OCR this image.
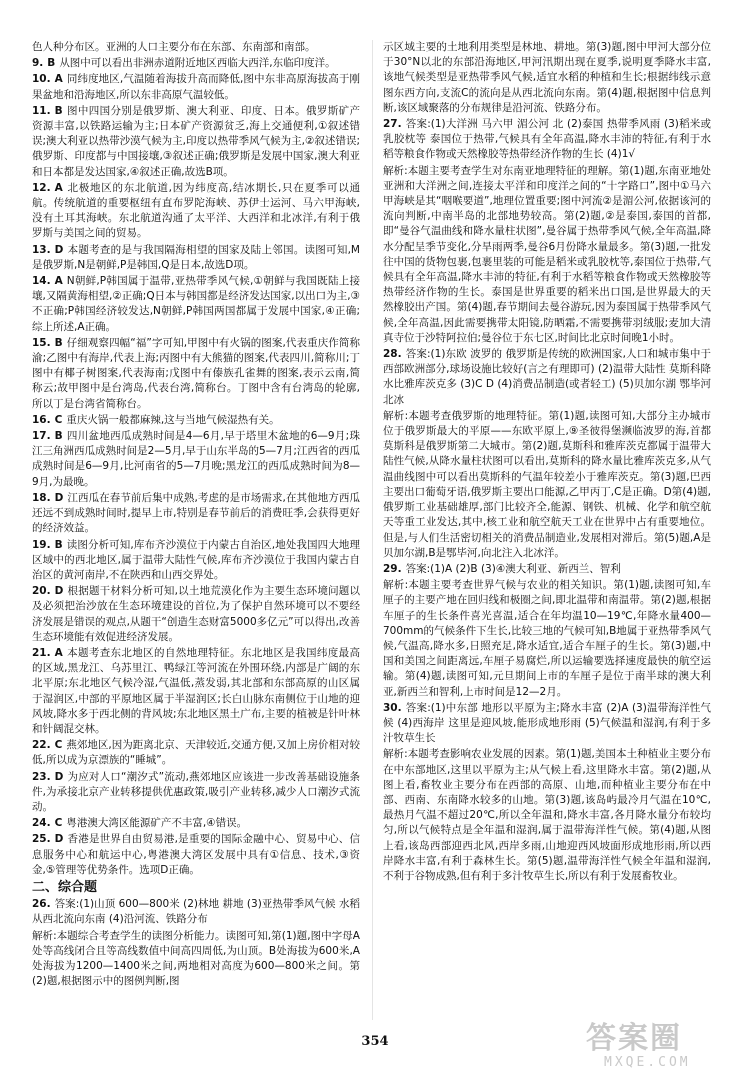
色人种分布区。亚洲的人口主要分布在东部、东南部和南部。

9. B 从图中可以看出非洲赤道附近地区西临大西洋,东临印度洋。

10. A 同纬度地区,气温随着海拔升高而降低,图中东非高原海拔高于刚果盆地和沿海地区,所以东非高原气温较低。

11. B 图中四国分别是俄罗斯、澳大利亚、印度、日本。俄罗斯矿产资源丰富,以铁路运输为主;日本矿产资源贫乏,海上交通便利,①叙述错误;澳大利亚以热带沙漠气候为主,印度以热带季风气候为主,②叙述错误;俄罗斯、印度都与中国接壤,③叙述正确;俄罗斯是发展中国家,澳大利亚和日本都是发达国家,④叙述正确,故选B项。

12. A 北极地区的东北航道,因为纬度高,结冰期长,只在夏季可以通航。传统航道的重要枢纽有直布罗陀海峡、苏伊士运河、马六甲海峡,没有土耳其海峡。东北航道沟通了太平洋、大西洋和北冰洋,有利于俄罗斯与美国之间的贸易。

13. D 本题考查的是与我国隔海相望的国家及陆上邻国。读图可知,M是俄罗斯,N是朝鲜,P是韩国,Q是日本,故选D项。

14. A N朝鲜,P韩国属于温带,亚热带季风气候,①朝鲜与我国既陆上接壤,又隔黄海相望,②正确;Q日本与韩国都是经济发达国家,以出口为主,③不正确;P韩国经济较发达,N朝鲜,P韩国两国都属于发展中国家,④正确;综上所述,A正确。

15. B 仔细观察四幅“福”字可知,甲图中有火锅的图案,代表重庆作简称渝;乙图中有海岸,代表上海;丙图中有大熊猫的图案,代表四川,简称川;丁图中有椰子树图案,代表海南;戊图中有傣族孔雀舞的图案,表示云南,简称云;故甲图中是台湾岛,代表台湾,简称台。丁图中含有台湾岛的轮廓,所以丁是台湾省简称台。

16. C 重庆火锅一般都麻辣,这与当地气候湿热有关。

17. B 四川盆地西瓜成熟时间是4—6月,早于塔里木盆地的6—9月;珠江三角洲西瓜成熟时间是2—5月,早于山东半岛的5—7月;江西省的西瓜成熟时间是6—9月,比河南省的5—7月晚;黑龙江的西瓜成熟时间为8—9月,为最晚。

18. D 江西瓜在春节前后集中成熟,考虑的是市场需求,在其他地方西瓜还远不到成熟时间时,提早上市,特别是春节前后的消费旺季,会获得更好的经济效益。

19. B 读图分析可知,库布齐沙漠位于内蒙古自治区,地处我国四大地理区域中的西北地区,属于温带大陆性气候,库布齐沙漠位于我国内蒙古自治区的黄河南岸,不在陕西和山西交界处。

20. D 根据题干材料分析可知,以土地荒漠化作为主要生态环境问题以及必须把治沙放在生态环境建设的首位,为了保护自然环境可以不要经济发展是错误的观点,从题干“创造生态财富5000多亿元”可以得出,改善生态环境能有效促进经济发展。

21. A 本题考查东北地区的自然地理特征。东北地区是我国纬度最高的区域,黑龙江、乌苏里江、鸭绿江等河流在外围环绕,内部是广阔的东北平原;东北地区气候冷湿,气温低,蒸发弱,其北部和东部高原的山区属于湿润区,中部的平原地区属于半湿润区;长白山脉东南侧位于山地的迎风坡,降水多于西北侧的背风坡;东北地区黑土广布,主要的植被是针叶林和针阔混交林。

22. C 燕郊地区,因为距离北京、天津较近,交通方便,又加上房价相对较低,所以成为京漂族的“睡城”。

23. D 为应对人口“潮汐式”流动,燕郊地区应该进一步改善基础设施条件,为承接北京产业转移提供优惠政策,吸引产业转移,减少人口潮汐式流动。

24. C 粤港澳大湾区能源矿产不丰富,④错误。

25. D 香港是世界自由贸易港,是重要的国际金融中心、贸易中心、信息服务中心和航运中心,粤港澳大湾区发展中具有①信息、技术,③资金,⑤管理等优势条件。选项D正确。

二、综合题

26. 答案:(1)山顶 600—800米 (2)林地 耕地 (3)亚热带季风气候 水稻 从西北流向东南 (4)沿河流、铁路分布

解析:本题综合考查学生的读图分析能力。读图可知,第(1)题,图中字母A处等高线闭合且等高线数值中间高四周低,为山顶。B处海拔为600米,A处海拔为1200—1400米之间,两地相对高度为600—800米之间。第(2)题,根据图示中的图例判断,图

示区域主要的土地利用类型是林地、耕地。第(3)题,图中甲河大部分位于30°N以北的东部沿海地区,甲河汛期出现在夏季,说明夏季降水丰富,该地气候类型是亚热带季风气候,适宜水稻的种植和生长;根据纬线示意图东西方向,支流C的流向是从西北流向东南。第(4)题,根据图中信息判断,该区域聚落的分布规律是沿河流、铁路分布。

27. 答案:(1)大洋洲 马六甲 湄公河 北 (2)泰国 热带季风雨 (3)稻米或乳胶枕等 泰国位于热带,气候具有全年高温,降水丰沛的特征,有利于水稻等粮食作物或天然橡胶等热带经济作物的生长 (4)1√

解析:本题主要考查学生对东南亚地理特征的理解。第(1)题,东南亚地处亚洲和大洋洲之间,连接太平洋和印度洋之间的“十字路口”,图中①马六甲海峡是其“咽喉要道”,地理位置重要;图中河流②是湄公河,依据该河的流向判断,中南半岛的北部地势较高。第(2)题,②是泰国,泰国的首都,即“曼谷气温曲线和降水量柱状图”,曼谷属于热带季风气候,全年高温,降水分配呈季节变化,分旱雨两季,曼谷6月份降水量最多。第(3)题,一批发往中国的货物包裹,包裹里装的可能是稻米或乳胶枕等,泰国位于热带,气候具有全年高温,降水丰沛的特征,有利于水稻等粮食作物或天然橡胶等热带经济作物的生长。泰国是世界重要的稻米出口国,是世界最大的天然橡胶出产国。第(4)题,春节期间去曼谷游玩,因为泰国属于热带季风气候,全年高温,因此需要携带太阳镜,防晒霜,不需要携带羽绒服;麦加大清真寺位于沙特阿拉伯;曼谷位于东七区,时间比北京时间晚1小时。

28. 答案:(1)东欧 波罗的 俄罗斯是传统的欧洲国家,人口和城市集中于西部欧洲部分,球场设施比较好(言之有理即可) (2)温带大陆性 莫斯科降水比雅库茨克多 (3)C D (4)消费品制造(或者轻工) (5)贝加尔湖 鄂毕河 北冰

解析:本题考查俄罗斯的地理特征。第(1)题,读图可知,大部分主办城市位于俄罗斯最大的平原——东欧平原上,⑨圣彼得堡濒临波罗的海,首都莫斯科是俄罗斯第二大城市。第(2)题,莫斯科和雅库茨克都属于温带大陆性气候,从降水量柱状图可以看出,莫斯科的降水量比雅库茨克多,从气温曲线图中可以看出莫斯科的气温年较差小于雅库茨克。第(3)题,巴西主要出口葡萄牙语,俄罗斯主要出口能源,乙甲丙丁,C是正确。D第(4)题,俄罗斯工业基础雄厚,部门比较齐全,能源、钢铁、机械、化学和航空航天等重工业发达,其中,核工业和航空航天工业在世界中占有重要地位。但是,与人们生活密切相关的消费品制造业,发展相对滞后。第(5)题,A是贝加尔湖,B是鄂毕河,向北注入北冰洋。

29. 答案:(1)A (2)B (3)④澳大利亚、新西兰、智利

解析:本题主要考查世界气候与农业的相关知识。第(1)题,读图可知,车厘子的主要产地在回归线和极圈之间,即北温带和南温带。第(2)题,根据车厘子的生长条件喜光喜温,适合在年均温10—19℃,年降水量400—700mm的气候条件下生长,比较三地的气候可知,B地属于亚热带季风气候,气温高,降水多,日照充足,降水适宜,适合车厘子的生长。第(3)题,中国和美国之间距离远,车厘子易腐烂,所以运输要选择速度最快的航空运输。第(4)题,读图可知,元旦期间上市的车厘子是位于南半球的澳大利亚,新西兰和智利,上市时间是12—2月。

30. 答案:(1)中东部 地形以平原为主;降水丰富 (2)A (3)温带海洋性气候 (4)西海岸 这里是迎风坡,能形成地形雨 (5)气候温和湿润,有利于多汁牧草生长

解析:本题考查影响农业发展的因素。第(1)题,美国本土种植业主要分布在中东部地区,这里以平原为主;从气候上看,这里降水丰富。第(2)题,从图上看,畜牧业主要分布在西部的高原、山地,而种植业主要分布在中部、西南、东南降水较多的山地。第(3)题,该岛屿最冷月气温在10℃,最热月气温不超过20℃,所以全年温和,降水丰富,各月降水量分布较均匀,所以气候特点是全年温和湿润,属于温带海洋性气候。第(4)题,从图上看,该岛西部迎西北风,西岸多雨,山地迎西风坡面形成地形雨,所以西岸降水丰富,有利于森林生长。第(5)题,温带海洋性气候全年温和湿润,不利于谷物成熟,但有利于多汁牧草生长,所以有利于发展畜牧业。

354	答案圈
MXQE.COM
